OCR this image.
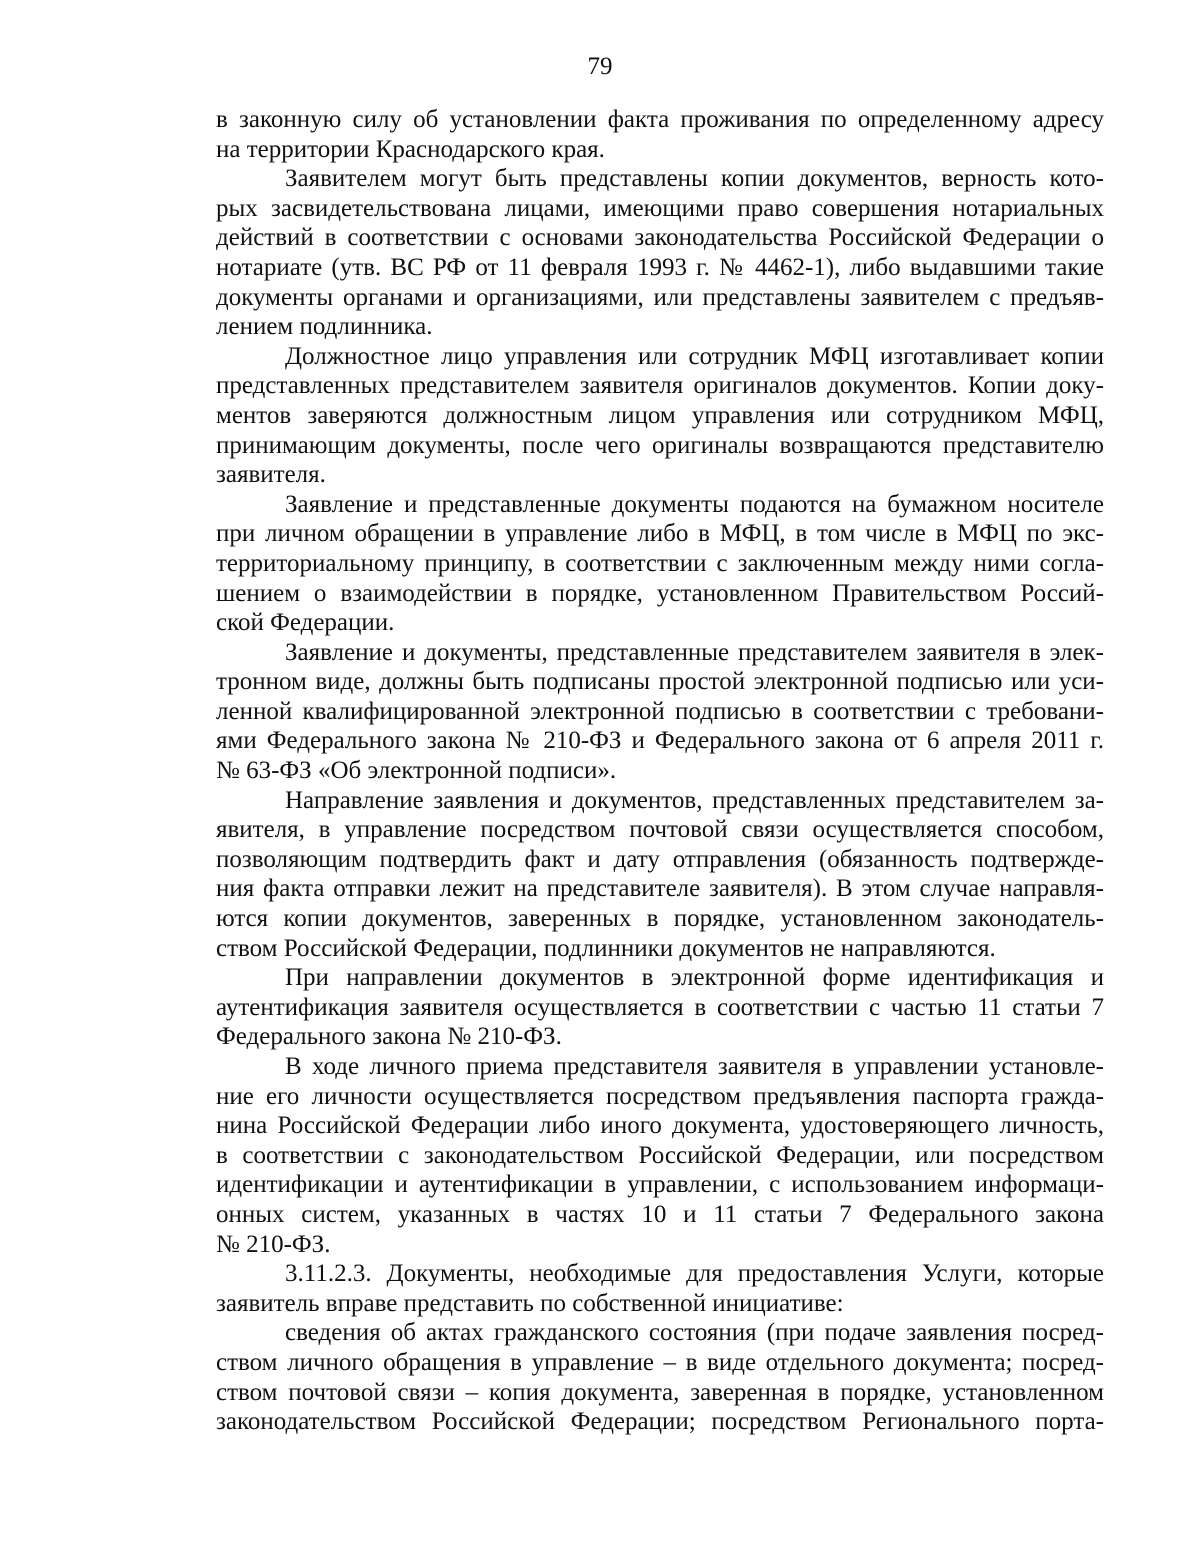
79
в законную силу об установлении факта проживания по определенному адресу
на территории Краснодарского края.
Заявителем могут быть представлены копии документов, верность кото-
рых засвидетельствована лицами, имеющими право совершения нотариальных
действий в соответствии с основами законодательства Российской Федерации о
нотариате (утв. ВС РФ от 11 февраля 1993 г. № 4462-1), либо выдавшими такие
документы органами и организациями, или представлены заявителем с предъяв-
лением подлинника.
Должностное лицо управления или сотрудник МФЦ изготавливает копии
представленных представителем заявителя оригиналов документов. Копии доку-
ментов заверяются должностным лицом управления или сотрудником МФЦ,
принимающим документы, после чего оригиналы возвращаются представителю
заявителя.
Заявление и представленные документы подаются на бумажном носителе
при личном обращении в управление либо в МФЦ, в том числе в МФЦ по экс-
территориальному принципу, в соответствии с заключенным между ними согла-
шением о взаимодействии в порядке, установленном Правительством Россий-
ской Федерации.
Заявление и документы, представленные представителем заявителя в элек-
тронном виде, должны быть подписаны простой электронной подписью или уси-
ленной квалифицированной электронной подписью в соответствии с требовани-
ями Федерального закона № 210-ФЗ и Федерального закона от 6 апреля 2011 г.
№ 63-ФЗ «Об электронной подписи».
Направление заявления и документов, представленных представителем за-
явителя, в управление посредством почтовой связи осуществляется способом,
позволяющим подтвердить факт и дату отправления (обязанность подтвержде-
ния факта отправки лежит на представителе заявителя). В этом случае направля-
ются копии документов, заверенных в порядке, установленном законодатель-
ством Российской Федерации, подлинники документов не направляются.
При направлении документов в электронной форме идентификация и
аутентификация заявителя осуществляется в соответствии с частью 11 статьи 7
Федерального закона № 210-ФЗ.
В ходе личного приема представителя заявителя в управлении установле-
ние его личности осуществляется посредством предъявления паспорта гражда-
нина Российской Федерации либо иного документа, удостоверяющего личность,
в соответствии с законодательством Российской Федерации, или посредством
идентификации и аутентификации в управлении, с использованием информаци-
онных систем, указанных в частях 10 и 11 статьи 7 Федерального закона
№ 210-ФЗ.
3.11.2.3. Документы, необходимые для предоставления Услуги, которые
заявитель вправе представить по собственной инициативе:
сведения об актах гражданского состояния (при подаче заявления посред-
ством личного обращения в управление – в виде отдельного документа; посред-
ством почтовой связи – копия документа, заверенная в порядке, установленном
законодательством Российской Федерации; посредством Регионального порта-
